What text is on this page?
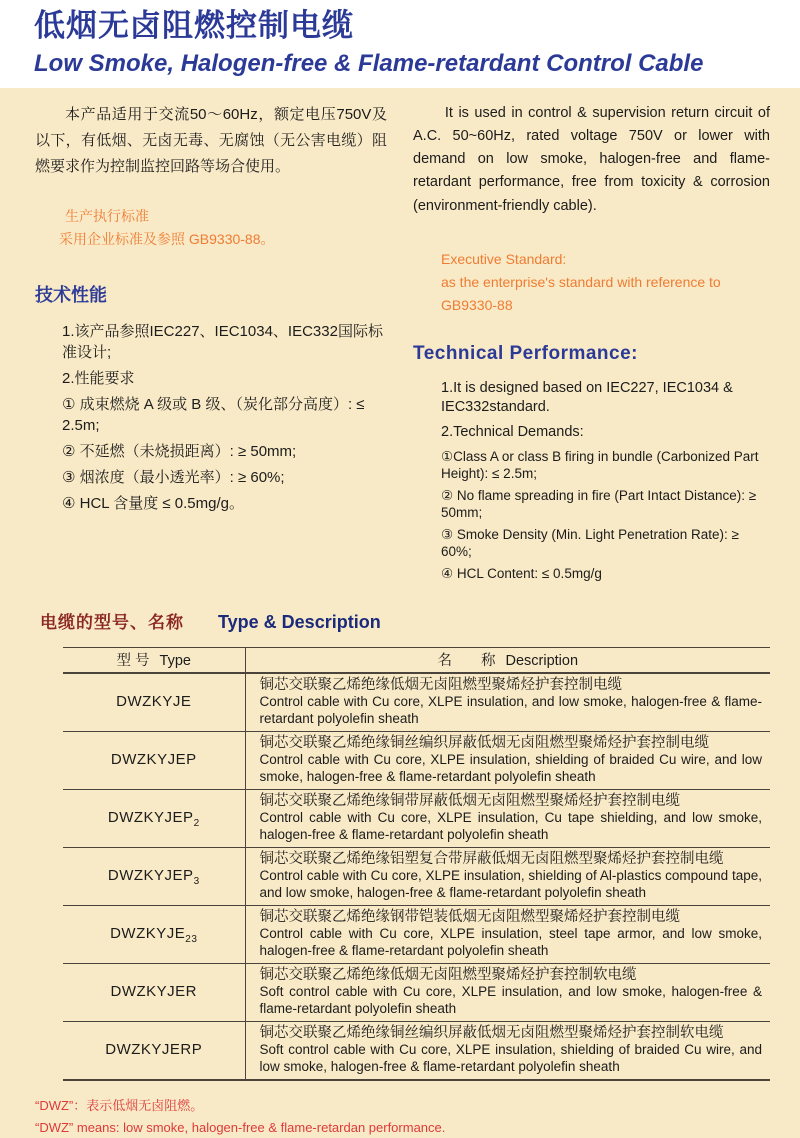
低烟无卤阻燃控制电缆
Low Smoke, Halogen-free & Flame-retardant Control Cable

本产品适用于交流50～60Hz，额定电压750V及以下，有低烟、无卤无毒、无腐蚀（无公害电缆）阻燃要求作为控制监控回路等场合使用。

生产执行标准
采用企业标准及参照 GB9330-88。
技术性能
1.该产品参照IEC227、IEC1034、IEC332国际标准设计;
2.性能要求
① 成束燃烧 A 级或 B 级、（炭化部分高度）: ≤ 2.5m;
② 不延燃（未烧损距离）: ≥ 50mm;
③ 烟浓度（最小透光率）: ≥ 60%;
④ HCL 含量度 ≤ 0.5mg/g。

It is used in control & supervision return circuit of A.C. 50~60Hz, rated voltage 750V or lower with demand on low smoke, halogen-free and flame-retardant performance, free from toxicity & corrosion (environment-friendly cable).

Executive Standard:
as the enterprise's standard with reference to GB9330-88
Technical Performance:
1.It is designed based on IEC227, IEC1034 & IEC332standard.
2.Technical Demands:
①Class A or class B firing in bundle (Carbonized Part Height): ≤ 2.5m;
② No flame spreading in fire (Part Intact Distance): ≥ 50mm;
③ Smoke Density (Min. Light Penetration Rate): ≥ 60%;
④ HCL Content: ≤ 0.5mg/g
电缆的型号、名称 Type & Description
型 号 Type	名　　称 Description
DWZKYJE	铜芯交联聚乙烯绝缘低烟无卤阻燃型聚烯烃护套控制电缆
Control cable with Cu core, XLPE insulation, and low smoke, halogen-free & flame-retardant polyolefin sheath

DWZKYJEP	铜芯交联聚乙烯绝缘铜丝编织屏蔽低烟无卤阻燃型聚烯烃护套控制电缆
Control cable with Cu core, XLPE insulation, shielding of braided Cu wire, and low smoke, halogen-free & flame-retardant polyolefin sheath

$DWZKYJEP_2$	铜芯交联聚乙烯绝缘铜带屏蔽低烟无卤阻燃型聚烯烃护套控制电缆
Control cable with Cu core, XLPE insulation, Cu tape shielding, and low smoke, halogen-free & flame-retardant polyolefin sheath

$DWZKYJEP_3$	铜芯交联聚乙烯绝缘铝塑复合带屏蔽低烟无卤阻燃型聚烯烃护套控制电缆
Control cable with Cu core, XLPE insulation, shielding of Al-plastics compound tape, and low smoke, halogen-free & flame-retardant polyolefin sheath

$DWZKYJE_{23}$	铜芯交联聚乙烯绝缘钢带铠装低烟无卤阻燃型聚烯烃护套控制电缆
Control cable with Cu core, XLPE insulation, steel tape armor, and low smoke, halogen-free & flame-retardant polyolefin sheath

DWZKYJER	铜芯交联聚乙烯绝缘低烟无卤阻燃型聚烯烃护套控制软电缆
Soft control cable with Cu core, XLPE insulation, and low smoke, halogen-free & flame-retardant polyolefin sheath

DWZKYJERP	铜芯交联聚乙烯绝缘铜丝编织屏蔽低烟无卤阻燃型聚烯烃护套控制软电缆
Soft control cable with Cu core, XLPE insulation, shielding of braided Cu wire, and low smoke, halogen-free & flame-retardant polyolefin sheath
“DWZ”：表示低烟无卤阻燃。
“DWZ” means: low smoke, halogen-free & flame-retardan performance.
